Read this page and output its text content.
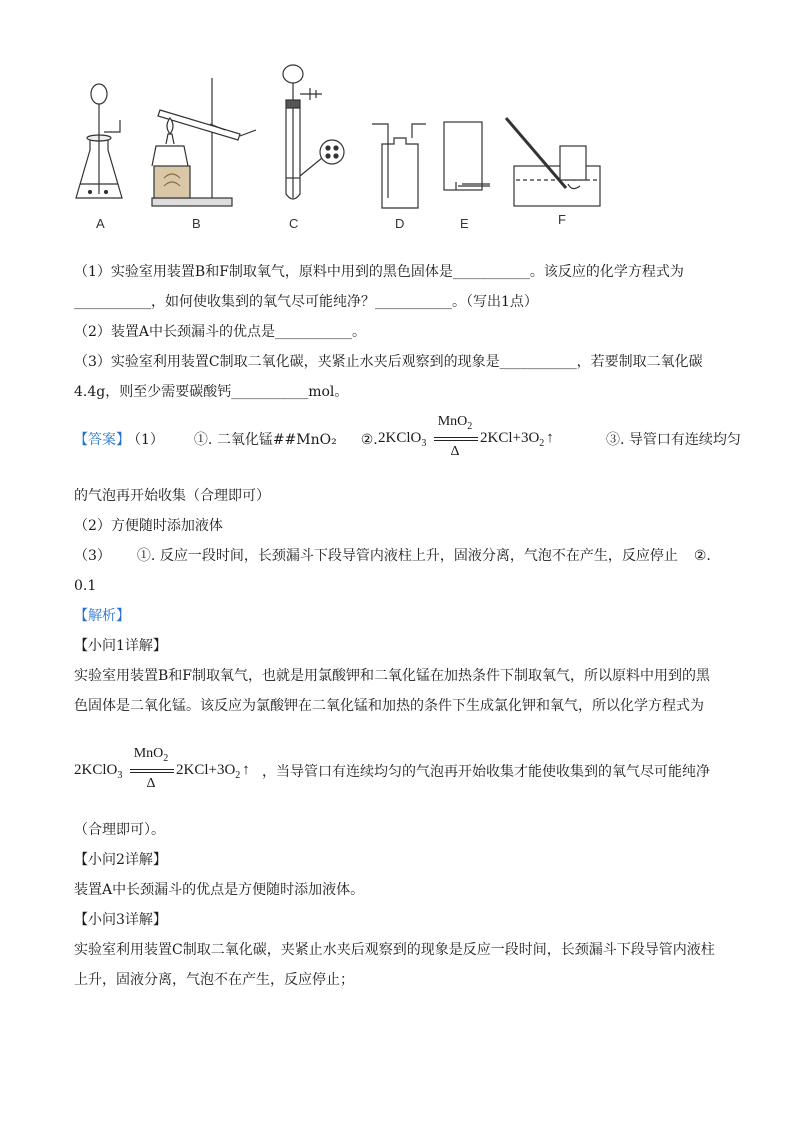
A	B	C	D	E	F
（1）实验室用装置B和F制取氧气，原料中用到的黑色固体是___________。该反应的化学方程式为
___________，如何使收集到的氧气尽可能纯净？___________。（写出1点）
（2）装置A中长颈漏斗的优点是___________。
（3）实验室利用装置C制取二氧化碳，夹紧止水夹后观察到的现象是___________，若要制取二氧化碳
4.4g，则至少需要碳酸钙___________mol。
【答案】 （1） ①. 二氧化锰##MnO₂ ②. 2KClO$_3$
MnO$_2$
Δ
$2KCl+3O_2$ ↑	③. 导管口有连续均匀
的气泡再开始收集（合理即可）
（2）方便随时添加液体
（3） ①. 反应一段时间，长颈漏斗下段导管内液柱上升，固液分离，气泡不在产生，反应停止 ②.
0.1
【解析】
【小问1详解】
实验室用装置B和F制取氧气，也就是用氯酸钾和二氧化锰在加热条件下制取氧气，所以原料中用到的黑
色固体是二氧化锰。该反应为氯酸钾在二氧化锰和加热的条件下生成氯化钾和氧气，所以化学方程式为
2KClO$_3$
MnO$_2$
Δ
$2KCl+3O_2$ ↑ ，当导管口有连续均匀的气泡再开始收集才能使收集到的氧气尽可能纯净
（合理即可）。
【小问2详解】
装置A中长颈漏斗的优点是方便随时添加液体。
【小问3详解】
实验室利用装置C制取二氧化碳，夹紧止水夹后观察到的现象是反应一段时间，长颈漏斗下段导管内液柱
上升，固液分离，气泡不在产生，反应停止；
